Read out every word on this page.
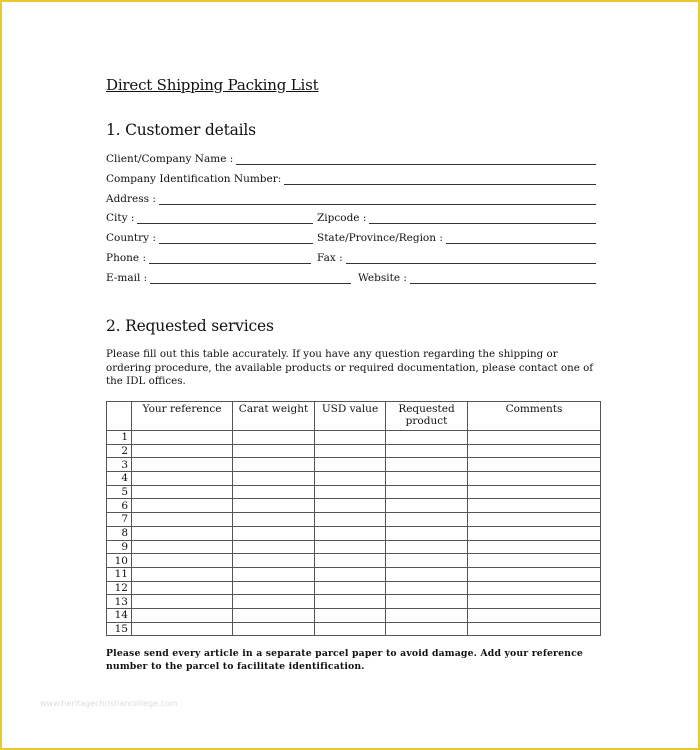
Direct Shipping Packing List
1. Customer details
Client/Company Name :
Company Identification Number:
Address :
City :	Zipcode :
Country :	State/Province/Region :
Phone :	Fax :
E-mail :	Website :
2. Requested services
Please fill out this table accurately. If you have any question regarding the shipping or ordering procedure, the available products or required documentation, please contact one of the IDL offices.
	Your reference	Carat weight	USD value	Requested product	Comments
1					
2					
3					
4					
5					
6					
7					
8					
9					
10					
11					
12					
13					
14					
15					
Please send every article in a separate parcel paper to avoid damage. Add your reference number to the parcel to facilitate identification.
www.heritagechristiancollege.com
